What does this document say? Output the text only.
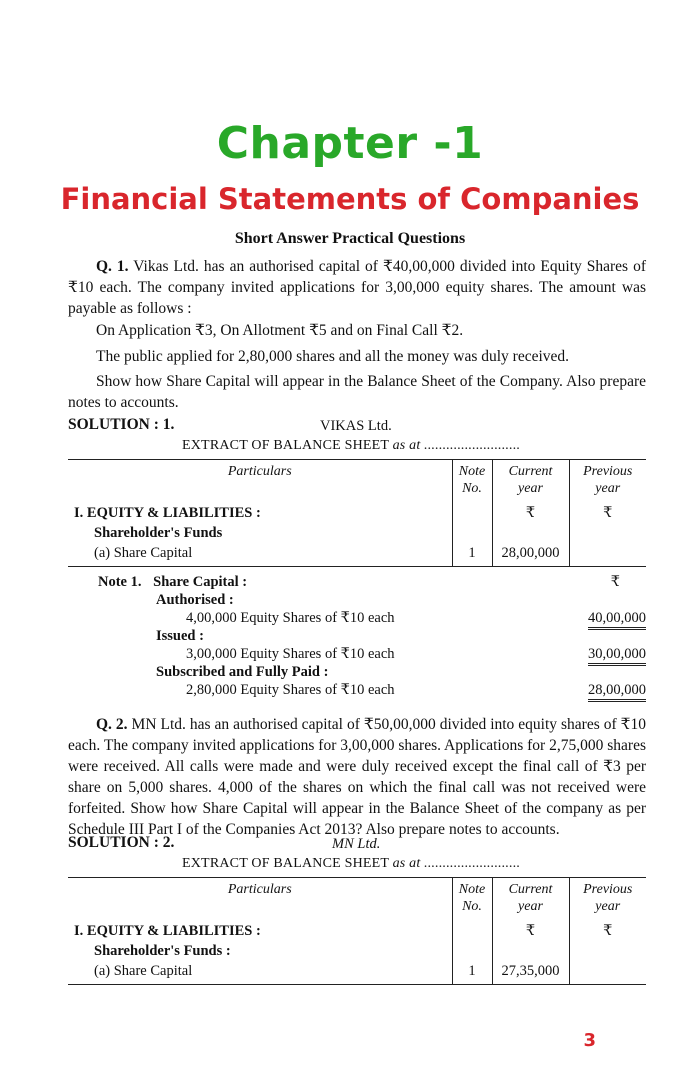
Chapter -1
Financial Statements of Companies
Short Answer Practical Questions
Q. 1. Vikas Ltd. has an authorised capital of ₹40,00,000 divided into Equity Shares of ₹10 each. The company invited applications for 3,00,000 equity shares. The amount was payable as follows :
On Application ₹3, On Allotment ₹5 and on Final Call ₹2.
The public applied for 2,80,000 shares and all the money was duly received.
Show how Share Capital will appear in the Balance Sheet of the Company. Also prepare notes to accounts.
SOLUTION : 1.	VIKAS Ltd.
EXTRACT OF BALANCE SHEET as at ..........................
Particulars	Note No.	Current year	Previous year
I. EQUITY & LIABILITIES :		₹	₹
Shareholder's Funds			
(a) Share Capital	1	28,00,000	
Note 1. Share Capital :	₹
Authorised :
4,00,000 Equity Shares of ₹10 each	40,00,000
Issued :
3,00,000 Equity Shares of ₹10 each	30,00,000
Subscribed and Fully Paid :
2,80,000 Equity Shares of ₹10 each	28,00,000
Q. 2. MN Ltd. has an authorised capital of ₹50,00,000 divided into equity shares of ₹10 each. The company invited applications for 3,00,000 shares. Applications for 2,75,000 shares were received. All calls were made and were duly received except the final call of ₹3 per share on 5,000 shares. 4,000 of the shares on which the final call was not received were forfeited. Show how Share Capital will appear in the Balance Sheet of the company as per Schedule III Part I of the Companies Act 2013? Also prepare notes to accounts.
SOLUTION : 2.	MN Ltd.
EXTRACT OF BALANCE SHEET as at ..........................
Particulars	Note No.	Current year	Previous year
I. EQUITY & LIABILITIES :		₹	₹
Shareholder's Funds :			
(a) Share Capital	1	27,35,000	
3
